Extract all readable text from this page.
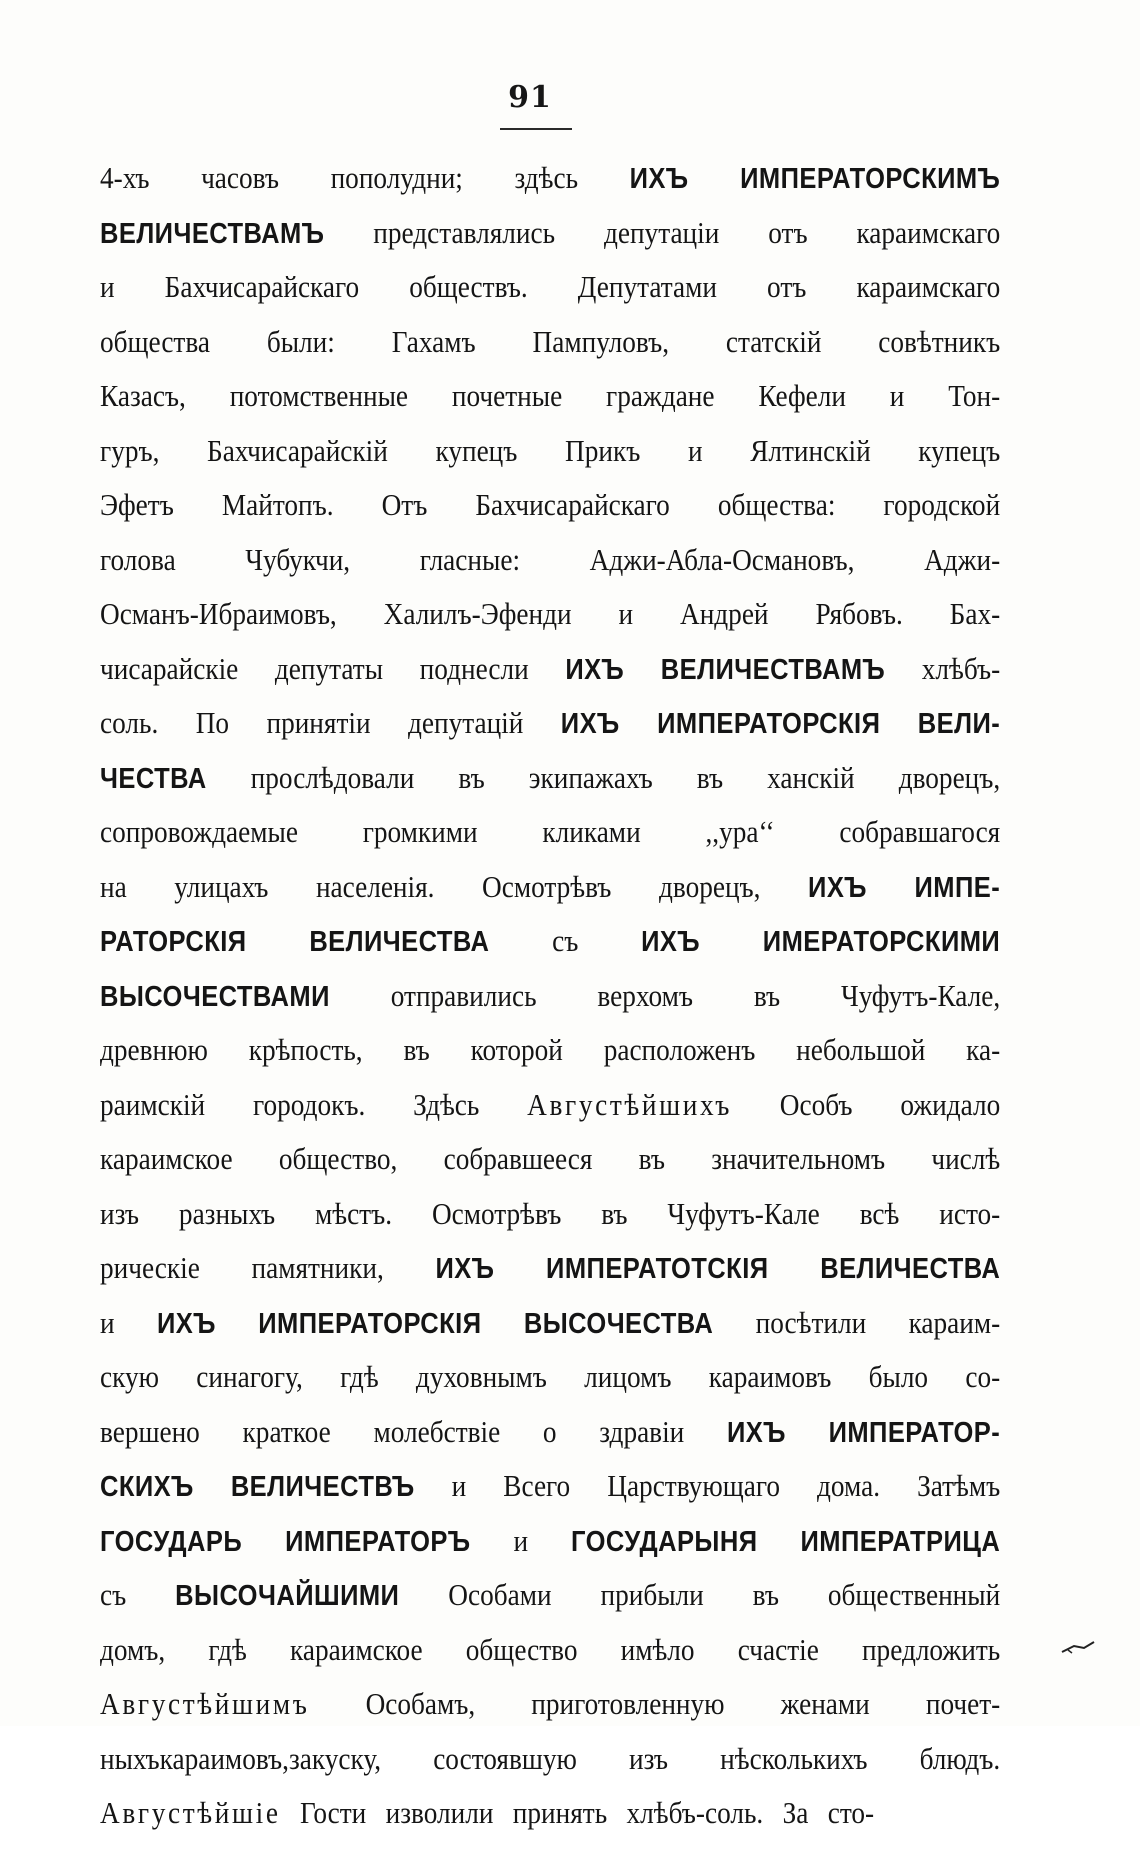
91
4-хъ часовъ пополудни; здѣсь ИХЪ ИМПЕРАТОРСКИМЪ
ВЕЛИЧЕСТВАМЪ представлялись депутаціи отъ караимскаго
и Бахчисарайскаго обществъ. Депутатами отъ караимскаго
общества были: Гахамъ Пампуловъ, статскій совѣтникъ
Казасъ, потомственные почетные граждане Кефели и Тон-
гуръ, Бахчисарайскій купецъ Прикъ и Ялтинскій купецъ
Эфетъ Майтопъ. Отъ Бахчисарайскаго общества: городской
голова Чубукчи, гласные: Аджи-Абла-Османовъ, Аджи-
Османъ-Ибраимовъ, Халилъ-Эфенди и Андрей Рябовъ. Бах-
чисарайскіе депутаты поднесли ИХЪ ВЕЛИЧЕСТВАМЪ хлѣбъ-
соль. По принятіи депутацій ИХЪ ИМПЕРАТОРСКІЯ ВЕЛИ-
ЧЕСТВА прослѣдовали въ экипажахъ въ ханскій дворецъ,
сопровождаемые громкими кликами ,,ура‘‘ собравшагося
на улицахъ населенія. Осмотрѣвъ дворецъ, ИХЪ ИМПЕ-
РАТОРСКІЯ ВЕЛИЧЕСТВА съ ИХЪ ИМЕРАТОРСКИМИ
ВЫСОЧЕСТВАМИ отправились верхомъ въ Чуфутъ-Кале,
древнюю крѣпость, въ которой расположенъ небольшой ка-
раимскій городокъ. Здѣсь Августѣйшихъ Особъ ожидало
караимское общество, собравшееся въ значительномъ числѣ
изъ разныхъ мѣстъ. Осмотрѣвъ въ Чуфутъ-Кале всѣ исто-
рическіе памятники, ИХЪ ИМПЕРАТОТСКІЯ ВЕЛИЧЕСТВА
и ИХЪ ИМПЕРАТОРСКІЯ ВЫСОЧЕСТВА посѣтили караим-
скую синагогу, гдѣ духовнымъ лицомъ караимовъ было со-
вершено краткое молебствіе о здравіи ИХЪ ИМПЕРАТОР-
СКИХЪ ВЕЛИЧЕСТВЪ и Всего Царствующаго дома. Затѣмъ
ГОСУДАРЬ ИМПЕРАТОРЪ и ГОСУДАРЫНЯ ИМПЕРАТРИЦА
съ ВЫСОЧАЙШИМИ Особами прибыли въ общественный
домъ, гдѣ караимское общество имѣло счастіе предложить
Августѣйшимъ Особамъ, приготовленную женами почет-
ныхъкараимовъ,закуску, состоявшую изъ нѣсколькихъ блюдъ.
Августѣйшіе Гости изволили принять хлѣбъ-соль. За сто-
